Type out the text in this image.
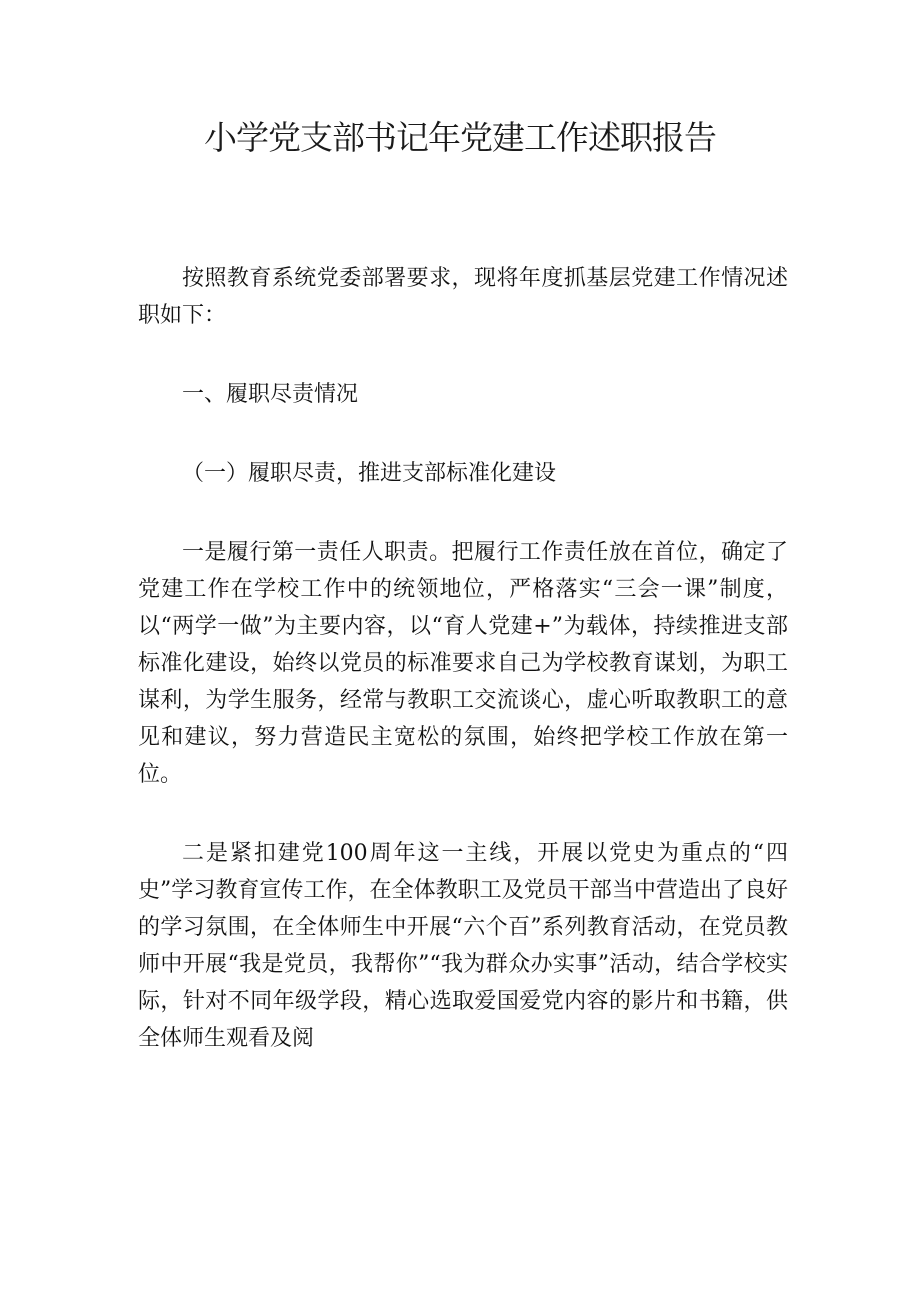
小学党支部书记年党建工作述职报告

按照教育系统党委部署要求，现将年度抓基层党建工作情况述职如下：

一、履职尽责情况

（一）履职尽责，推进支部标准化建设

一是履行第一责任人职责。把履行工作责任放在首位，确定了党建工作在学校工作中的统领地位，严格落实“三会一课”制度，以“两学一做”为主要内容，以“育人党建+”为载体，持续推进支部标准化建设，始终以党员的标准要求自己为学校教育谋划，为职工谋利，为学生服务，经常与教职工交流谈心，虚心听取教职工的意见和建议，努力营造民主宽松的氛围，始终把学校工作放在第一位。

二是紧扣建党100周年这一主线，开展以党史为重点的“四史”学习教育宣传工作，在全体教职工及党员干部当中营造出了良好的学习氛围，在全体师生中开展“六个百”系列教育活动，在党员教师中开展“我是党员，我帮你”“我为群众办实事”活动，结合学校实际，针对不同年级学段，精心选取爱国爱党内容的影片和书籍，供全体师生观看及阅
